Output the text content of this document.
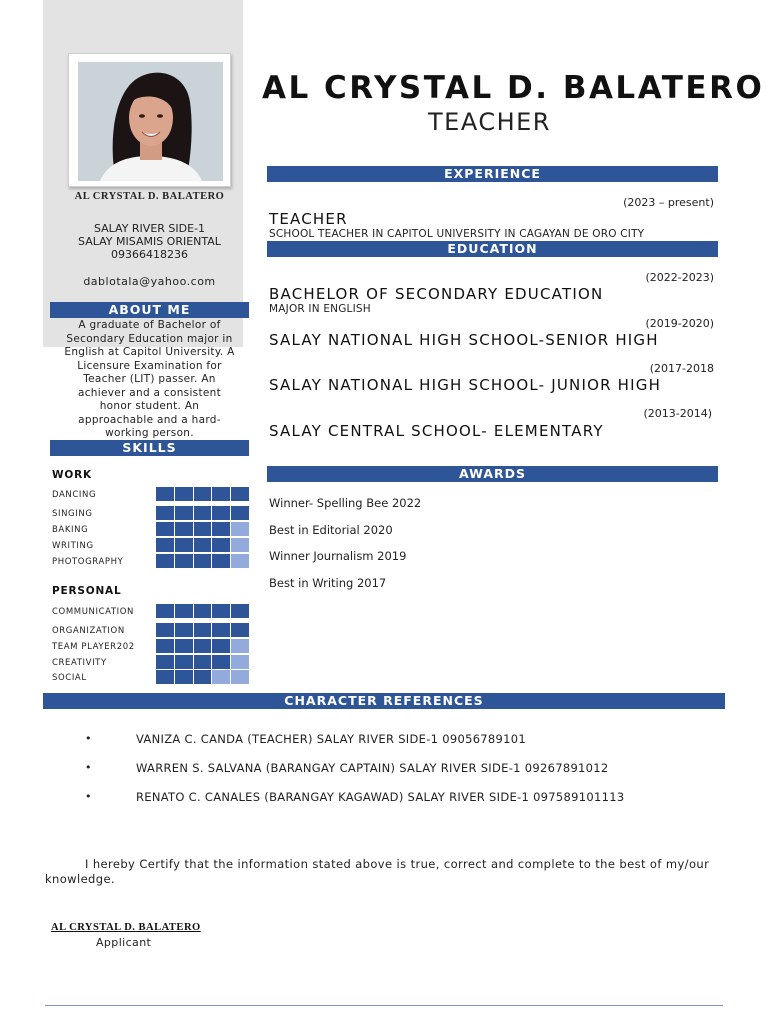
AL CRYSTAL D. BALATERO
SALAY RIVER SIDE-1
SALAY MISAMIS ORIENTAL
09366418236
dablotala@yahoo.com
ABOUT ME
A graduate of Bachelor of Secondary Education major in English at Capitol University. A Licensure Examination for Teacher (LIT) passer. An achiever and a consistent honor student. An approachable and a hard-working person.
SKILLS
WORK
DANCING
SINGING
BAKING
WRITING
PHOTOGRAPHY
PERSONAL
COMMUNICATION
ORGANIZATION
TEAM PLAYER202
CREATIVITY
SOCIAL
AL CRYSTAL D. BALATERO
TEACHER
EXPERIENCE
(2023 – present)
TEACHER
SCHOOL TEACHER IN CAPITOL UNIVERSITY IN CAGAYAN DE ORO CITY
EDUCATION
(2022-2023)
BACHELOR OF SECONDARY EDUCATION
MAJOR IN ENGLISH
(2019-2020)
SALAY NATIONAL HIGH SCHOOL-SENIOR HIGH
(2017-2018
SALAY NATIONAL HIGH SCHOOL- JUNIOR HIGH
(2013-2014)
SALAY CENTRAL SCHOOL- ELEMENTARY
AWARDS
Winner- Spelling Bee 2022
Best in Editorial 2020
Winner Journalism 2019
Best in Writing 2017
CHARACTER REFERENCES
•	VANIZA C. CANDA (TEACHER) SALAY RIVER SIDE-1 09056789101
•	WARREN S. SALVANA (BARANGAY CAPTAIN) SALAY RIVER SIDE-1 09267891012
•	RENATO C. CANALES (BARANGAY KAGAWAD) SALAY RIVER SIDE-1 097589101113
I hereby Certify that the information stated above is true, correct and complete to the best of my/our knowledge.
AL CRYSTAL D. BALATERO
Applicant
